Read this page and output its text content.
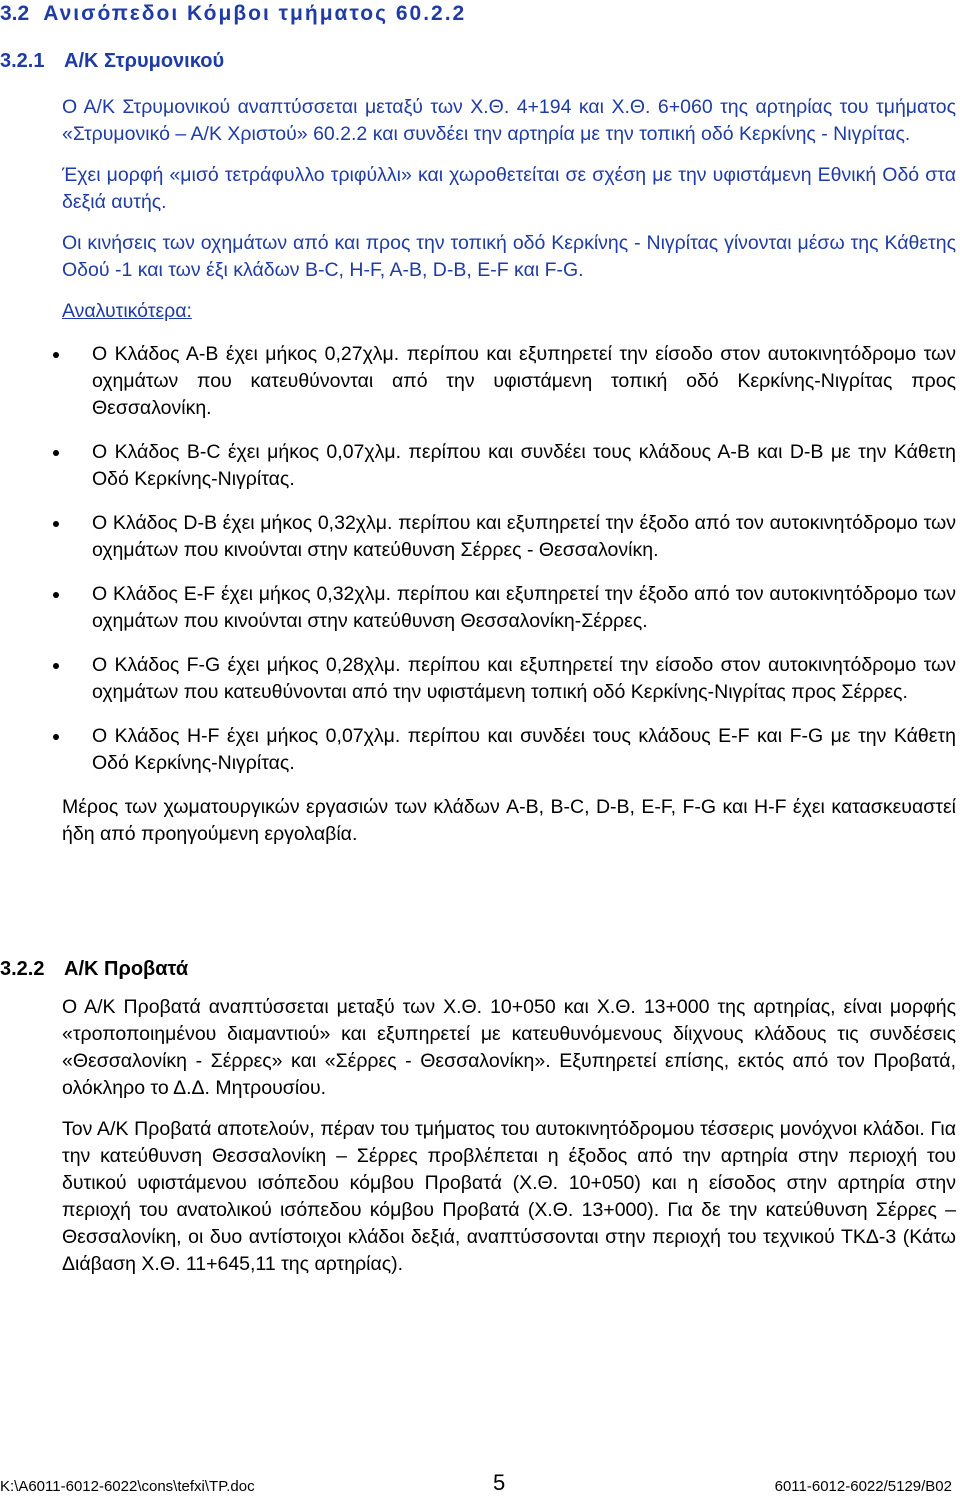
3.2 Ανισόπεδοι Κόμβοι τμήματος 60.2.2
3.2.1 Α/Κ Στρυμονικού

Ο Α/Κ Στρυμονικού αναπτύσσεται μεταξύ των Χ.Θ. 4+194 και Χ.Θ. 6+060 της αρτηρίας του τμήματος «Στρυμονικό – Α/Κ Χριστού» 60.2.2 και συνδέει την αρτηρία με την τοπική οδό Κερκίνης - Νιγρίτας.

Έχει μορφή «μισό τετράφυλλο τριφύλλι» και χωροθετείται σε σχέση με την υφιστάμενη Εθνική Οδό στα δεξιά αυτής.

Οι κινήσεις των οχημάτων από και προς την τοπική οδό Κερκίνης - Νιγρίτας γίνονται μέσω της Κάθετης Οδού -1 και των έξι κλάδων B-C, H-F, A-B, D-B, E-F και F-G.

Αναλυτικότερα:

Ο Κλάδος Α-Β έχει μήκος 0,27χλμ. περίπου και εξυπηρετεί την είσοδο στον αυτοκινητόδρομο των οχημάτων που κατευθύνονται από την υφιστάμενη τοπική οδό Κερκίνης-Νιγρίτας προς Θεσσαλονίκη.
Ο Κλάδος Β-C έχει μήκος 0,07χλμ. περίπου και συνδέει τους κλάδους Α-Β και D-B με την Κάθετη Οδό Κερκίνης-Νιγρίτας.
Ο Κλάδος D-B έχει μήκος 0,32χλμ. περίπου και εξυπηρετεί την έξοδο από τον αυτοκινητόδρομο των οχημάτων που κινούνται στην κατεύθυνση Σέρρες - Θεσσαλονίκη.
Ο Κλάδος E-F έχει μήκος 0,32χλμ. περίπου και εξυπηρετεί την έξοδο από τον αυτοκινητόδρομο των οχημάτων που κινούνται στην κατεύθυνση Θεσσαλονίκη-Σέρρες.
Ο Κλάδος F-G έχει μήκος 0,28χλμ. περίπου και εξυπηρετεί την είσοδο στον αυτοκινητόδρομο των οχημάτων που κατευθύνονται από την υφιστάμενη τοπική οδό Κερκίνης-Νιγρίτας προς Σέρρες.
Ο Κλάδος H-F έχει μήκος 0,07χλμ. περίπου και συνδέει τους κλάδους E-F και F-G με την Κάθετη Οδό Κερκίνης-Νιγρίτας.

Μέρος των χωματουργικών εργασιών των κλάδων A-B, B-C, D-B, E-F, F-G και H-F έχει κατασκευαστεί ήδη από προηγούμενη εργολαβία.

3.2.2 Α/Κ Προβατά

Ο Α/Κ Προβατά αναπτύσσεται μεταξύ των Χ.Θ. 10+050 και Χ.Θ. 13+000 της αρτηρίας, είναι μορφής «τροποποιημένου διαμαντιού» και εξυπηρετεί με κατευθυνόμενους δίιχνους κλάδους τις συνδέσεις «Θεσσαλονίκη - Σέρρες» και «Σέρρες - Θεσσαλονίκη». Εξυπηρετεί επίσης, εκτός από τον Προβατά, ολόκληρο το Δ.Δ. Μητρουσίου.

Τον Α/Κ Προβατά αποτελούν, πέραν του τμήματος του αυτοκινητόδρομου τέσσερις μονόχνοι κλάδοι. Για την κατεύθυνση Θεσσαλονίκη – Σέρρες προβλέπεται η έξοδος από την αρτηρία στην περιοχή του δυτικού υφιστάμενου ισόπεδου κόμβου Προβατά (Χ.Θ. 10+050) και η είσοδος στην αρτηρία στην περιοχή του ανατολικού ισόπεδου κόμβου Προβατά (Χ.Θ. 13+000). Για δε την κατεύθυνση Σέρρες – Θεσσαλονίκη, οι δυο αντίστοιχοι κλάδοι δεξιά, αναπτύσσονται στην περιοχή του τεχνικού ΤΚΔ-3 (Κάτω Διάβαση Χ.Θ. 11+645,11 της αρτηρίας).

K:\A6011-6012-6022\cons\tefxi\TP.doc	5	6011-6012-6022/5129/B02
